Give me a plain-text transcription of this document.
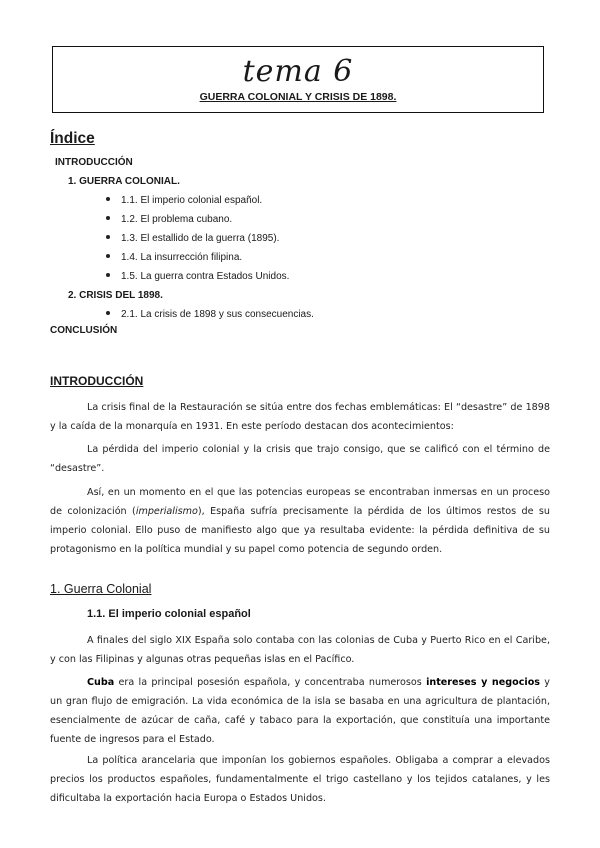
tema 6
GUERRA COLONIAL Y CRISIS DE 1898.
Índice
INTRODUCCIÓN
1. GUERRA COLONIAL.
1.1. El imperio colonial español.
1.2. El problema cubano.
1.3. El estallido de la guerra (1895).
1.4. La insurrección filipina.
1.5. La guerra contra Estados Unidos.
2. CRISIS DEL 1898.
2.1. La crisis de 1898 y sus consecuencias.
CONCLUSIÓN
INTRODUCCIÓN
La crisis final de la Restauración se sitúa entre dos fechas emblemáticas: El “desastre” de 1898 y la caída de la monarquía en 1931. En este período destacan dos acontecimientos:
La pérdida del imperio colonial y la crisis que trajo consigo, que se calificó con el término de “desastre”.
Así, en un momento en el que las potencias europeas se encontraban inmersas en un proceso de colonización (imperialismo), España sufría precisamente la pérdida de los últimos restos de su imperio colonial. Ello puso de manifiesto algo que ya resultaba evidente: la pérdida definitiva de su protagonismo en la política mundial y su papel como potencia de segundo orden.
1. Guerra Colonial
1.1. El imperio colonial español
A finales del siglo XIX España solo contaba con las colonias de Cuba y Puerto Rico en el Caribe, y con las Filipinas y algunas otras pequeñas islas en el Pacífico.
Cuba era la principal posesión española, y concentraba numerosos intereses y negocios y un gran flujo de emigración. La vida económica de la isla se basaba en una agricultura de plantación, esencialmente de azúcar de caña, café y tabaco para la exportación, que constituía una importante fuente de ingresos para el Estado.
La política arancelaria que imponían los gobiernos españoles. Obligaba a comprar a elevados precios los productos españoles, fundamentalmente el trigo castellano y los tejidos catalanes, y les dificultaba la exportación hacia Europa o Estados Unidos.
